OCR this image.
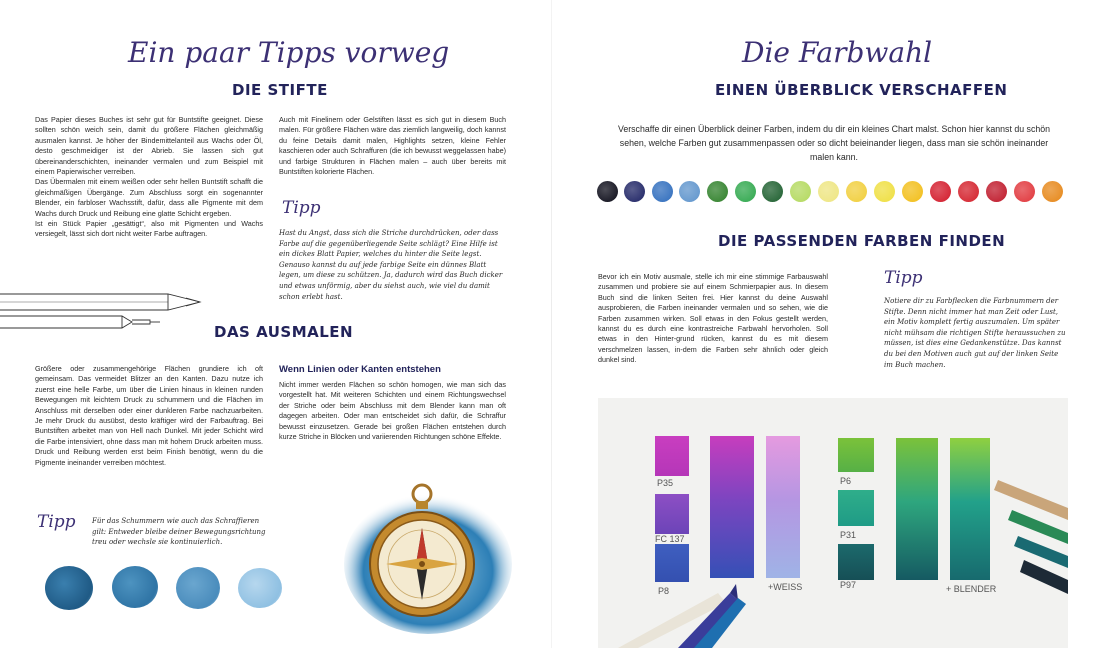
Ein paar Tipps vorweg
DIE STIFTE
Das Papier dieses Buches ist sehr gut für Buntstifte geeignet. Diese sollten schön weich sein, damit du größere Flächen gleichmäßig ausmalen kannst. Je höher der Bindemittelanteil aus Wachs oder Öl, desto geschmeidiger ist der Abrieb. Sie lassen sich gut übereinanderschichten, ineinander vermalen und zum Beispiel mit einem Papierwischer verreiben.
Das Übermalen mit einem weißen oder sehr hellen Buntstift schafft die gleichmäßigen Übergänge. Zum Abschluss sorgt ein sogenannter Blender, ein farbloser Wachsstift, dafür, dass alle Pigmente mit dem Wachs durch Druck und Reibung eine glatte Schicht ergeben.
Ist ein Stück Papier „gesättigt“, also mit Pigmenten und Wachs versiegelt, lässt sich dort nicht weiter Farbe auftragen.
Auch mit Finelinern oder Gelstiften lässt es sich gut in diesem Buch malen. Für größere Flächen wäre das ziemlich langweilig, doch kannst du feine Details damit malen, Highlights setzen, kleine Fehler kaschieren oder auch Schraffuren (die ich bewusst weggelassen habe) und farbige Strukturen in Flächen malen – auch über bereits mit Buntstiften kolorierte Flächen.
Tipp
Hast du Angst, dass sich die Striche durchdrücken, oder dass Farbe auf die gegenüberliegende Seite schlägt? Eine Hilfe ist ein dickes Blatt Papier, welches du hinter die Seite legst. Genauso kannst du auf jede farbige Seite ein dünnes Blatt legen, um diese zu schützen. Ja, dadurch wird das Buch dicker und etwas unförmig, aber du siehst auch, wie viel du damit schon erlebt hast.
DAS AUSMALEN
Größere oder zusammengehörige Flächen grundiere ich oft gemeinsam. Das vermeidet Blitzer an den Kanten. Dazu nutze ich zuerst eine helle Farbe, um über die Linien hinaus in kleinen runden Bewegungen mit leichtem Druck zu schummern und die Flächen im Anschluss mit derselben oder einer dunkleren Farbe nachzuarbeiten. Je mehr Druck du ausübst, desto kräftiger wird der Farbauftrag. Bei Buntstiften arbeitet man von Hell nach Dunkel. Mit jeder Schicht wird die Farbe intensiviert, ohne dass man mit hohem Druck arbeiten muss. Druck und Reibung werden erst beim Finish benötigt, wenn du die Pigmente ineinander verreiben möchtest.
Wenn Linien oder Kanten entstehen
Nicht immer werden Flächen so schön homogen, wie man sich das vorgestellt hat. Mit weiteren Schichten und einem Richtungswechsel der Striche oder beim Abschluss mit dem Blender kann man oft dagegen arbeiten. Oder man entscheidet sich dafür, die Schraffur bewusst einzusetzen. Gerade bei großen Flächen entstehen durch kurze Striche in Blöcken und variierenden Richtungen schöne Effekte.
Tipp Für das Schummern wie auch das Schraffieren gilt: Entweder bleibe deiner Bewegungsrichtung treu oder wechsle sie kontinuierlich.
Die Farbwahl
EINEN ÜBERBLICK VERSCHAFFEN
Verschaffe dir einen Überblick deiner Farben, indem du dir ein kleines Chart malst. Schon hier kannst du schön sehen, welche Farben gut zusammenpassen oder so dicht beieinander liegen, dass man sie schön ineinander malen kann.
DIE PASSENDEN FARBEN FINDEN
Bevor ich ein Motiv ausmale, stelle ich mir eine stimmige Farbauswahl zusammen und probiere sie auf einem Schmierpapier aus. In diesem Buch sind die linken Seiten frei. Hier kannst du deine Auswahl ausprobieren, die Farben ineinander vermalen und so sehen, wie die Farben zusammen wirken. Soll etwas in den Fokus gestellt werden, kannst du es durch eine kontrastreiche Farbwahl hervorholen. Soll etwas in den Hinter-grund rücken, kannst du es mit diesem verschmelzen lassen, in-dem die Farben sehr ähnlich oder gleich dunkel sind.
Tipp
Notiere dir zu Farbflecken die Farbnummern der Stifte. Denn nicht immer hat man Zeit oder Lust, ein Motiv komplett fertig auszumalen. Um später nicht mühsam die richtigen Stifte heraussuchen zu müssen, ist dies eine Gedankenstütze. Das kannst du bei den Motiven auch gut auf der linken Seite im Buch machen.
P35
FC 137
P8	+WEISS
P6
P31
P97	+ BLENDER
